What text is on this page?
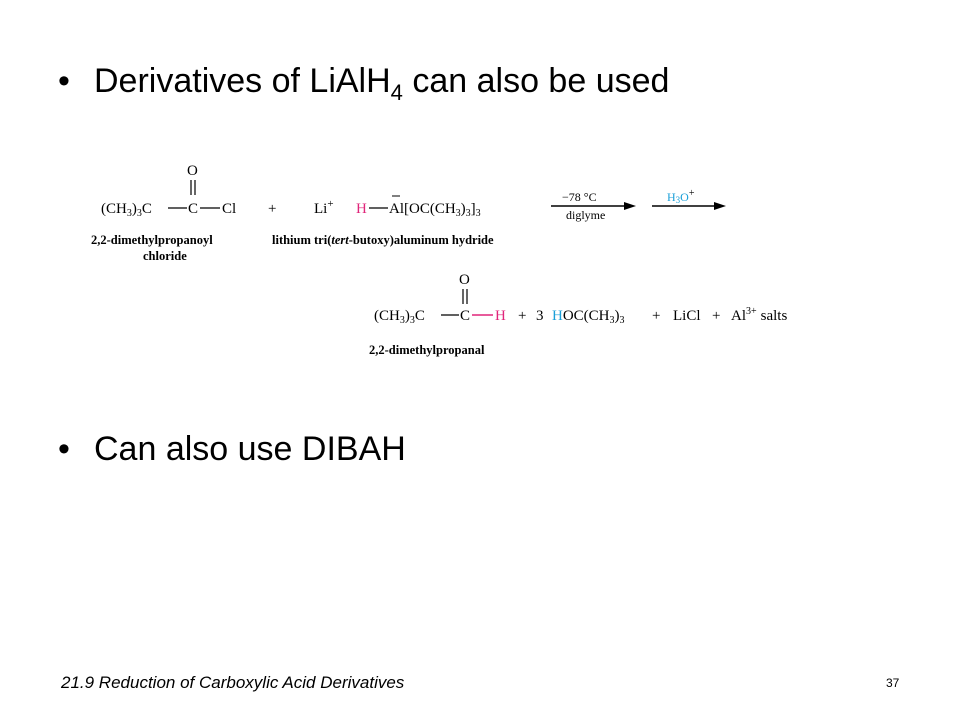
• Derivatives of LiAlH$_4$ can also be used
O
$(CH_3)_3C$ C Cl +	Li+ H $Al[OC(CH_3)_3]_3$
−78 °C
diglyme
H3O+
2,2-dimethylpropanoyl
chloride
lithium tri(tert-butoxy)aluminum hydride
O
$(CH_3)_3C$ C H + 3 $HOC(CH_3)_3$ + LiCl + $Al^{3+}$ salts
2,2-dimethylpropanal
• Can also use DIBAH
21.9 Reduction of Carboxylic Acid Derivatives	37
